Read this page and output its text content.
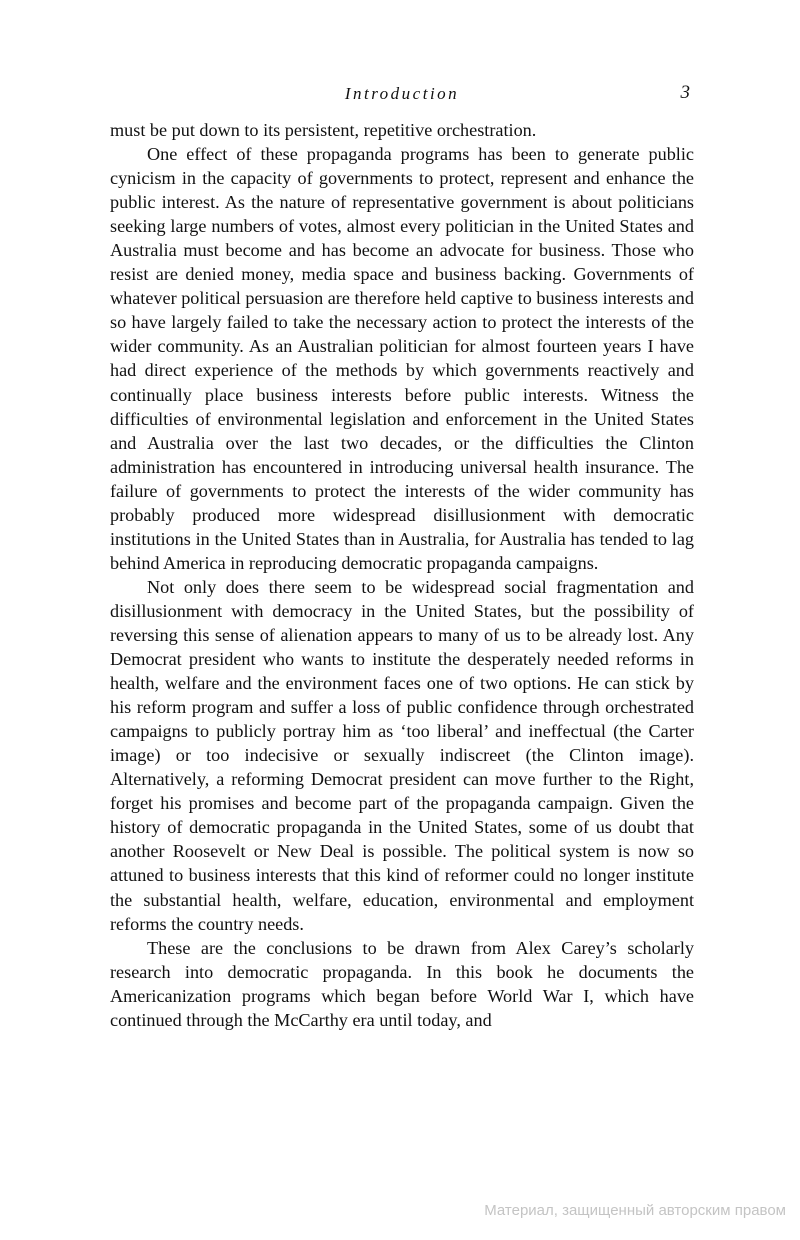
Introduction	3

must be put down to its persistent, repetitive orchestration.

One effect of these propaganda programs has been to generate public cynicism in the capacity of governments to protect, represent and enhance the public interest. As the nature of representative government is about politicians seeking large numbers of votes, almost every politician in the United States and Australia must become and has become an advocate for business. Those who resist are denied money, media space and business backing. Governments of whatever political persuasion are therefore held captive to business interests and so have largely failed to take the necessary action to protect the interests of the wider community. As an Australian politician for almost fourteen years I have had direct experience of the methods by which governments reactively and continually place business interests before public interests. Witness the difficulties of environmental legislation and enforcement in the United States and Australia over the last two decades, or the difficulties the Clinton administration has encountered in introducing universal health insurance. The failure of governments to protect the interests of the wider community has probably produced more widespread disillusionment with democratic institutions in the United States than in Australia, for Australia has tended to lag behind America in reproducing democratic propaganda campaigns.

Not only does there seem to be widespread social fragmentation and disillusionment with democracy in the United States, but the possibility of reversing this sense of alienation appears to many of us to be already lost. Any Democrat president who wants to institute the desperately needed reforms in health, welfare and the environment faces one of two options. He can stick by his reform program and suffer a loss of public confidence through orchestrated campaigns to publicly portray him as ‘too liberal’ and ineffectual (the Carter image) or too indecisive or sexually indiscreet (the Clinton image). Alternatively, a reforming Democrat president can move further to the Right, forget his promises and become part of the propaganda campaign. Given the history of democratic propaganda in the United States, some of us doubt that another Roosevelt or New Deal is possible. The political system is now so attuned to business interests that this kind of reformer could no longer institute the substantial health, welfare, education, environmental and employment reforms the country needs.

These are the conclusions to be drawn from Alex Carey’s scholarly research into democratic propaganda. In this book he documents the Americanization programs which began before World War I, which have continued through the McCarthy era until today, and

Материал, защищенный авторским правом
